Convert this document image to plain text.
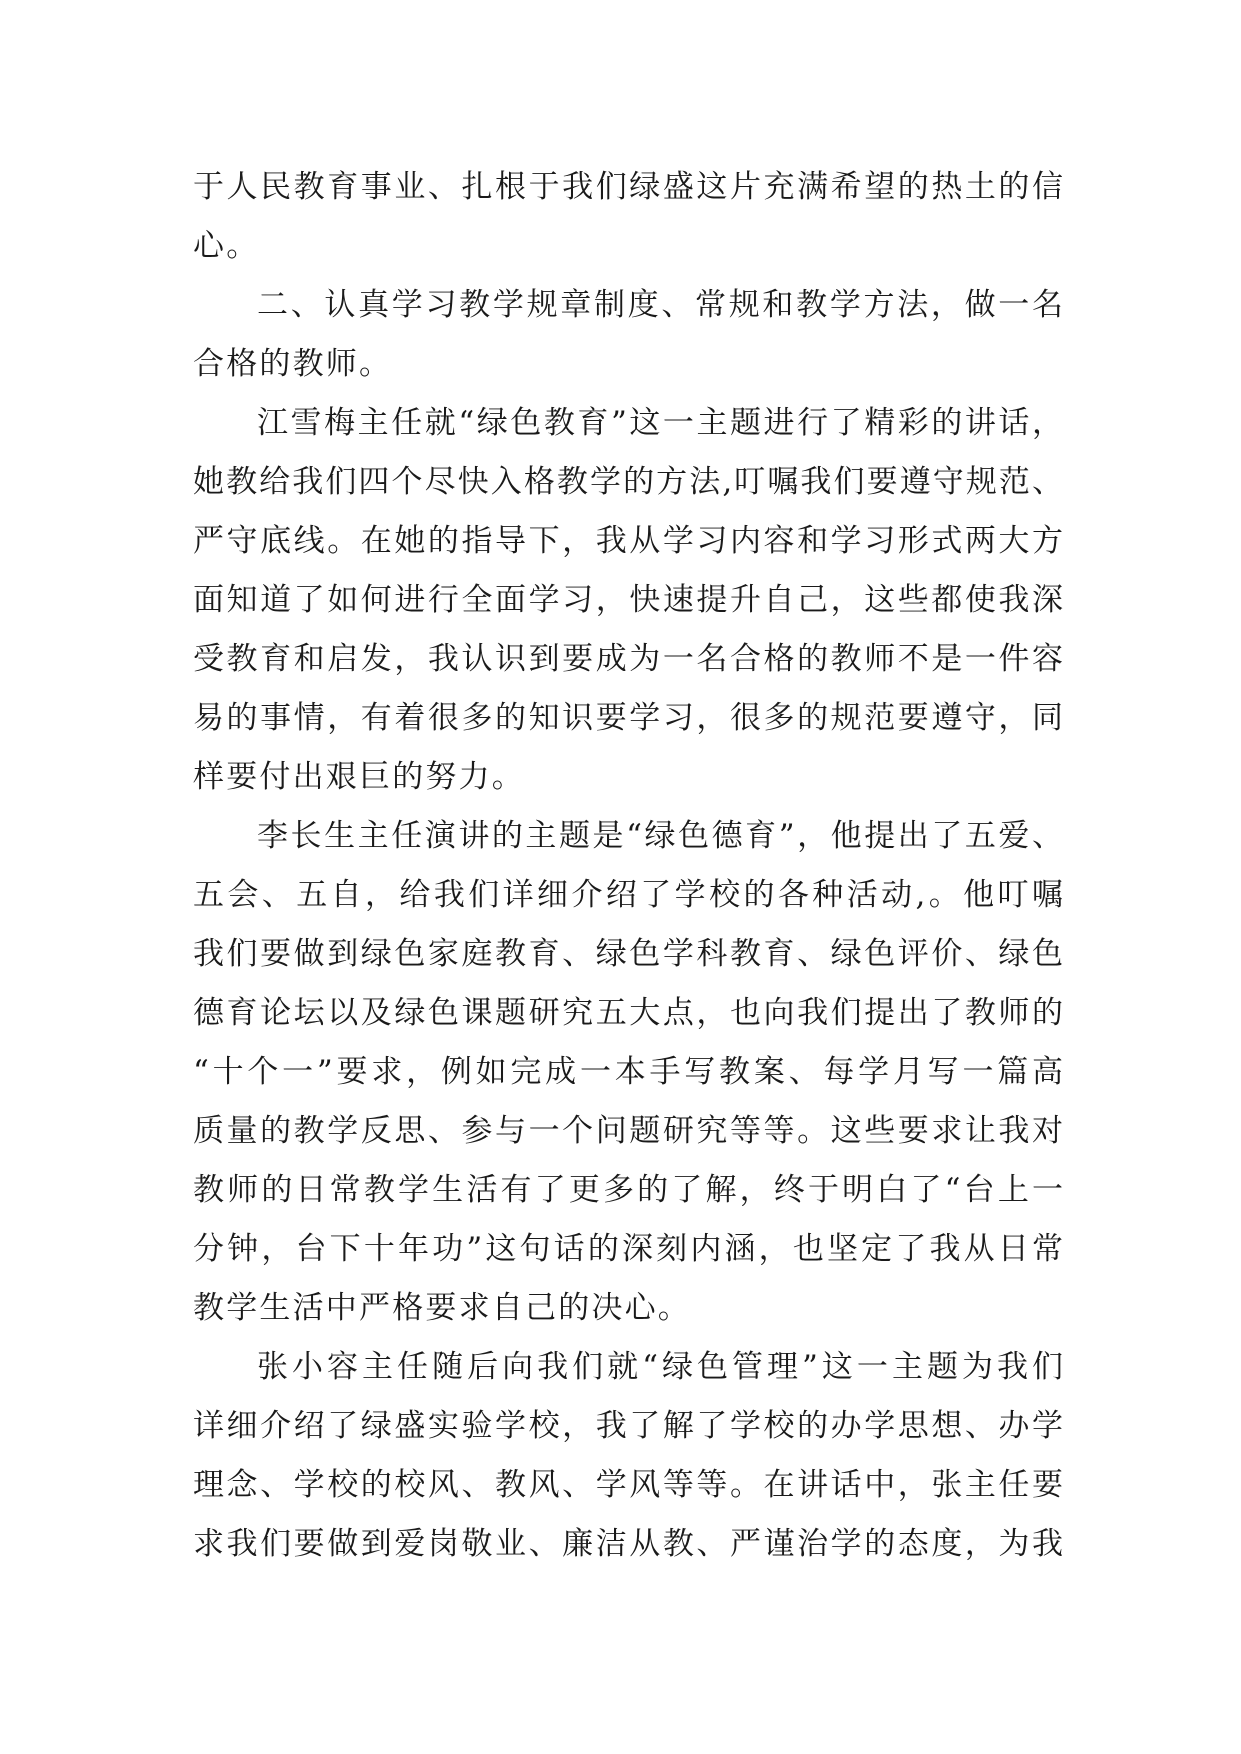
于人民教育事业、扎根于我们绿盛这片充满希望的热土的信
心。
二、认真学习教学规章制度、常规和教学方法，做一名
合格的教师。
江雪梅主任就“绿色教育”这一主题进行了精彩的讲话，
她教给我们四个尽快入格教学的方法,叮嘱我们要遵守规范、
严守底线。在她的指导下，我从学习内容和学习形式两大方
面知道了如何进行全面学习，快速提升自己，这些都使我深
受教育和启发，我认识到要成为一名合格的教师不是一件容
易的事情，有着很多的知识要学习，很多的规范要遵守，同
样要付出艰巨的努力。
李长生主任演讲的主题是“绿色德育”，他提出了五爱、
五会、五自，给我们详细介绍了学校的各种活动,。他叮嘱
我们要做到绿色家庭教育、绿色学科教育、绿色评价、绿色
德育论坛以及绿色课题研究五大点，也向我们提出了教师的
“十个一”要求，例如完成一本手写教案、每学月写一篇高
质量的教学反思、参与一个问题研究等等。这些要求让我对
教师的日常教学生活有了更多的了解，终于明白了“台上一
分钟，台下十年功”这句话的深刻内涵，也坚定了我从日常
教学生活中严格要求自己的决心。
张小容主任随后向我们就“绿色管理”这一主题为我们
详细介绍了绿盛实验学校，我了解了学校的办学思想、办学
理念、学校的校风、教风、学风等等。在讲话中，张主任要
求我们要做到爱岗敬业、廉洁从教、严谨治学的态度，为我
